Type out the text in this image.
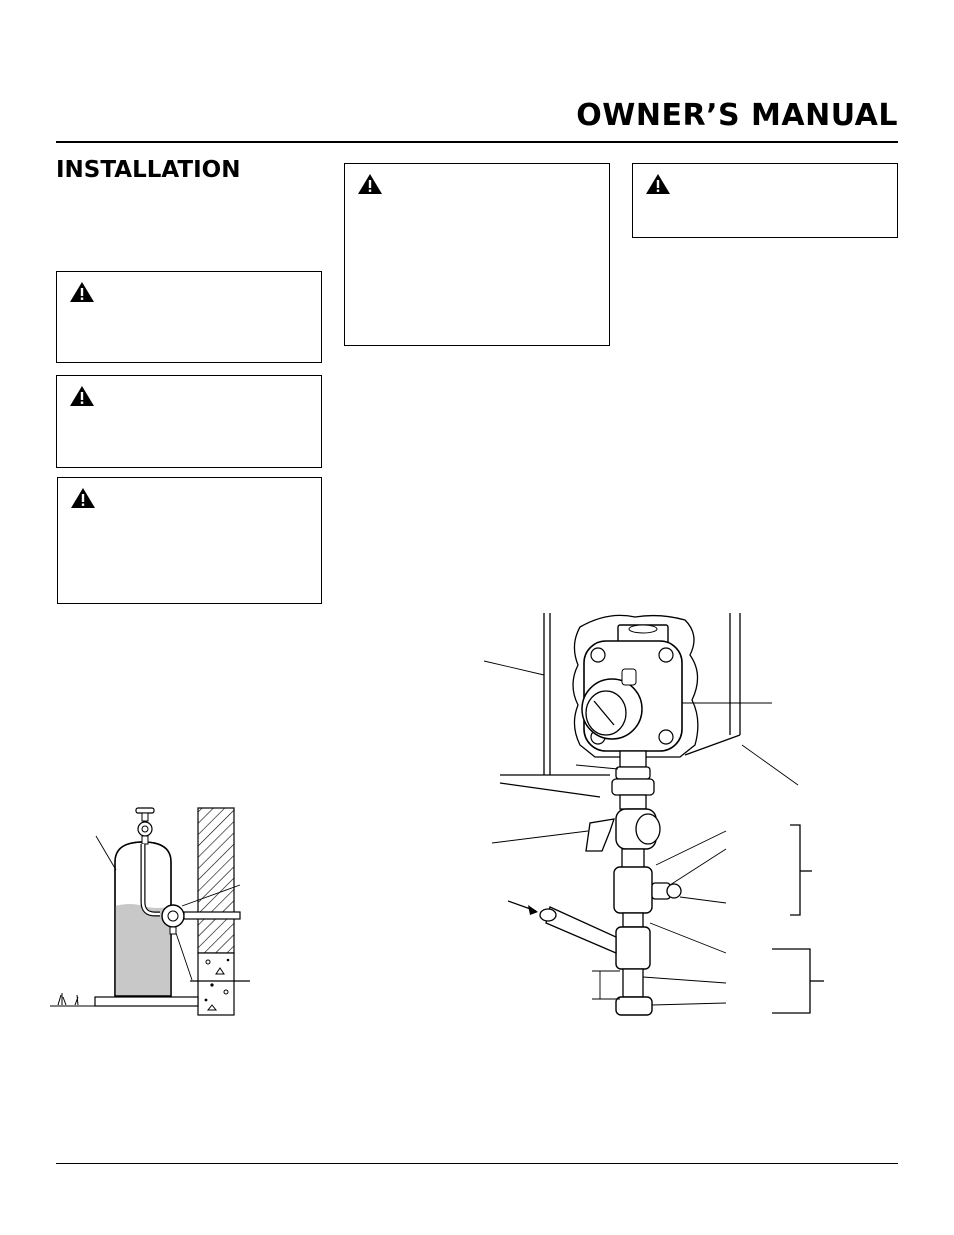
OWNER’S MANUAL
INSTALLATION
